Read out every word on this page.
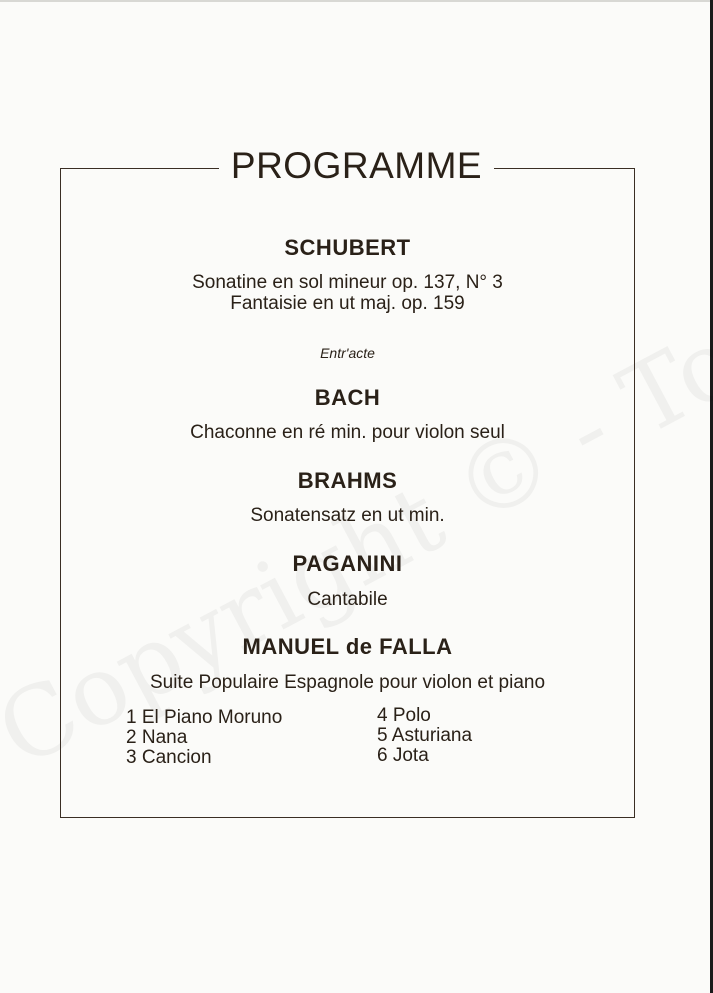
PROGRAMME
SCHUBERT
Sonatine en sol mineur op. 137, N° 3
Fantaisie en ut maj. op. 159
Entr'acte
BACH
Chaconne en ré min. pour violon seul
BRAHMS
Sonatensatz en ut min.
PAGANINI
Cantabile
MANUEL de FALLA
Suite Populaire Espagnole pour violon et piano
1 El Piano Moruno
2 Nana
3 Cancion
4 Polo
5 Asturiana
6 Jota
